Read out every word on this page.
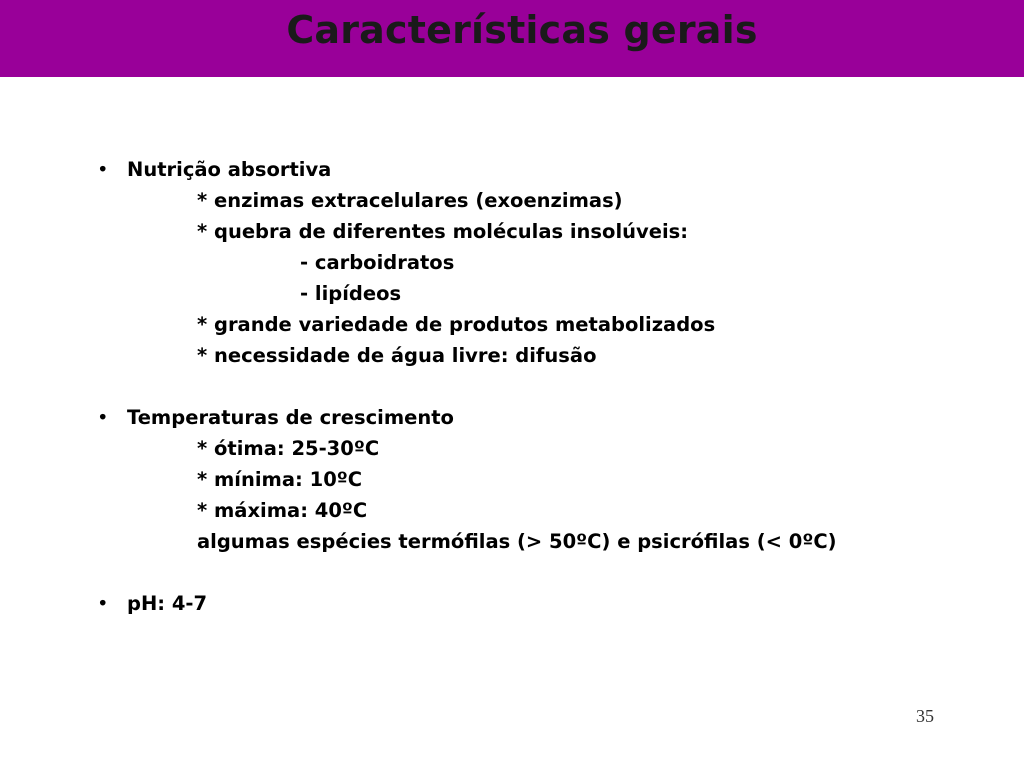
Características gerais
• Nutrição absortiva
* enzimas extracelulares (exoenzimas)
* quebra de diferentes moléculas insolúveis:
- carboidratos
- lipídeos
* grande variedade de produtos metabolizados
* necessidade de água livre: difusão
• Temperaturas de crescimento
* ótima: 25-30ºC
* mínima: 10ºC
* máxima: 40ºC
algumas espécies termófilas (> 50ºC) e psicrófilas (< 0ºC)
• pH: 4-7
35
